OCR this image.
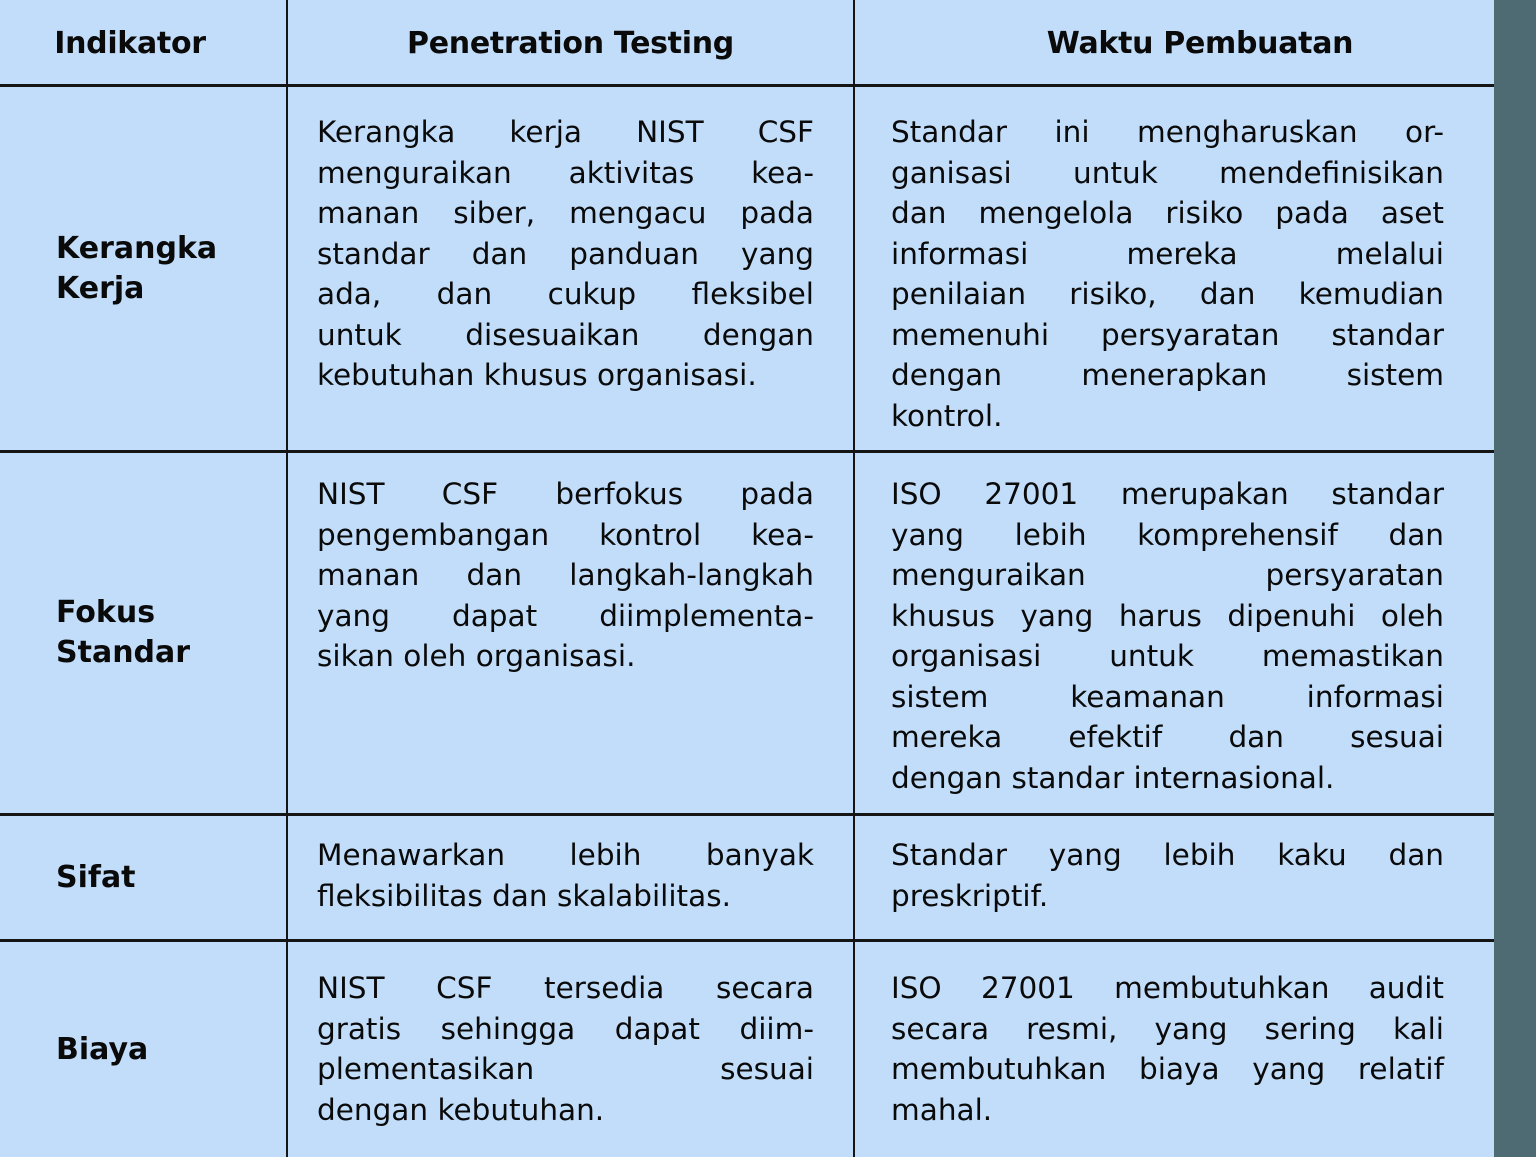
Indikator	Penetration Testing	Waktu Pembuatan
Kerangka
Kerja
Kerangka kerja NIST CSF
menguraikan aktivitas kea-
manan siber, mengacu pada
standar dan panduan yang
ada, dan cukup fleksibel
untuk disesuaikan dengan
kebutuhan khusus organisasi.
Standar ini mengharuskan or-
ganisasi untuk mendefinisikan
dan mengelola risiko pada aset
informasi mereka melalui
penilaian risiko, dan kemudian
memenuhi persyaratan standar
dengan menerapkan sistem
kontrol.
Fokus
Standar
NIST CSF berfokus pada
pengembangan kontrol kea-
manan dan langkah-langkah
yang dapat diimplementa-
sikan oleh organisasi.
ISO 27001 merupakan standar
yang lebih komprehensif dan
menguraikan persyaratan
khusus yang harus dipenuhi oleh
organisasi untuk memastikan
sistem keamanan informasi
mereka efektif dan sesuai
dengan standar internasional.
Sifat
Menawarkan lebih banyak
fleksibilitas dan skalabilitas.
Standar yang lebih kaku dan
preskriptif.
Biaya
NIST CSF tersedia secara
gratis sehingga dapat diim-
plementasikan sesuai
dengan kebutuhan.
ISO 27001 membutuhkan audit
secara resmi, yang sering kali
membutuhkan biaya yang relatif
mahal.
